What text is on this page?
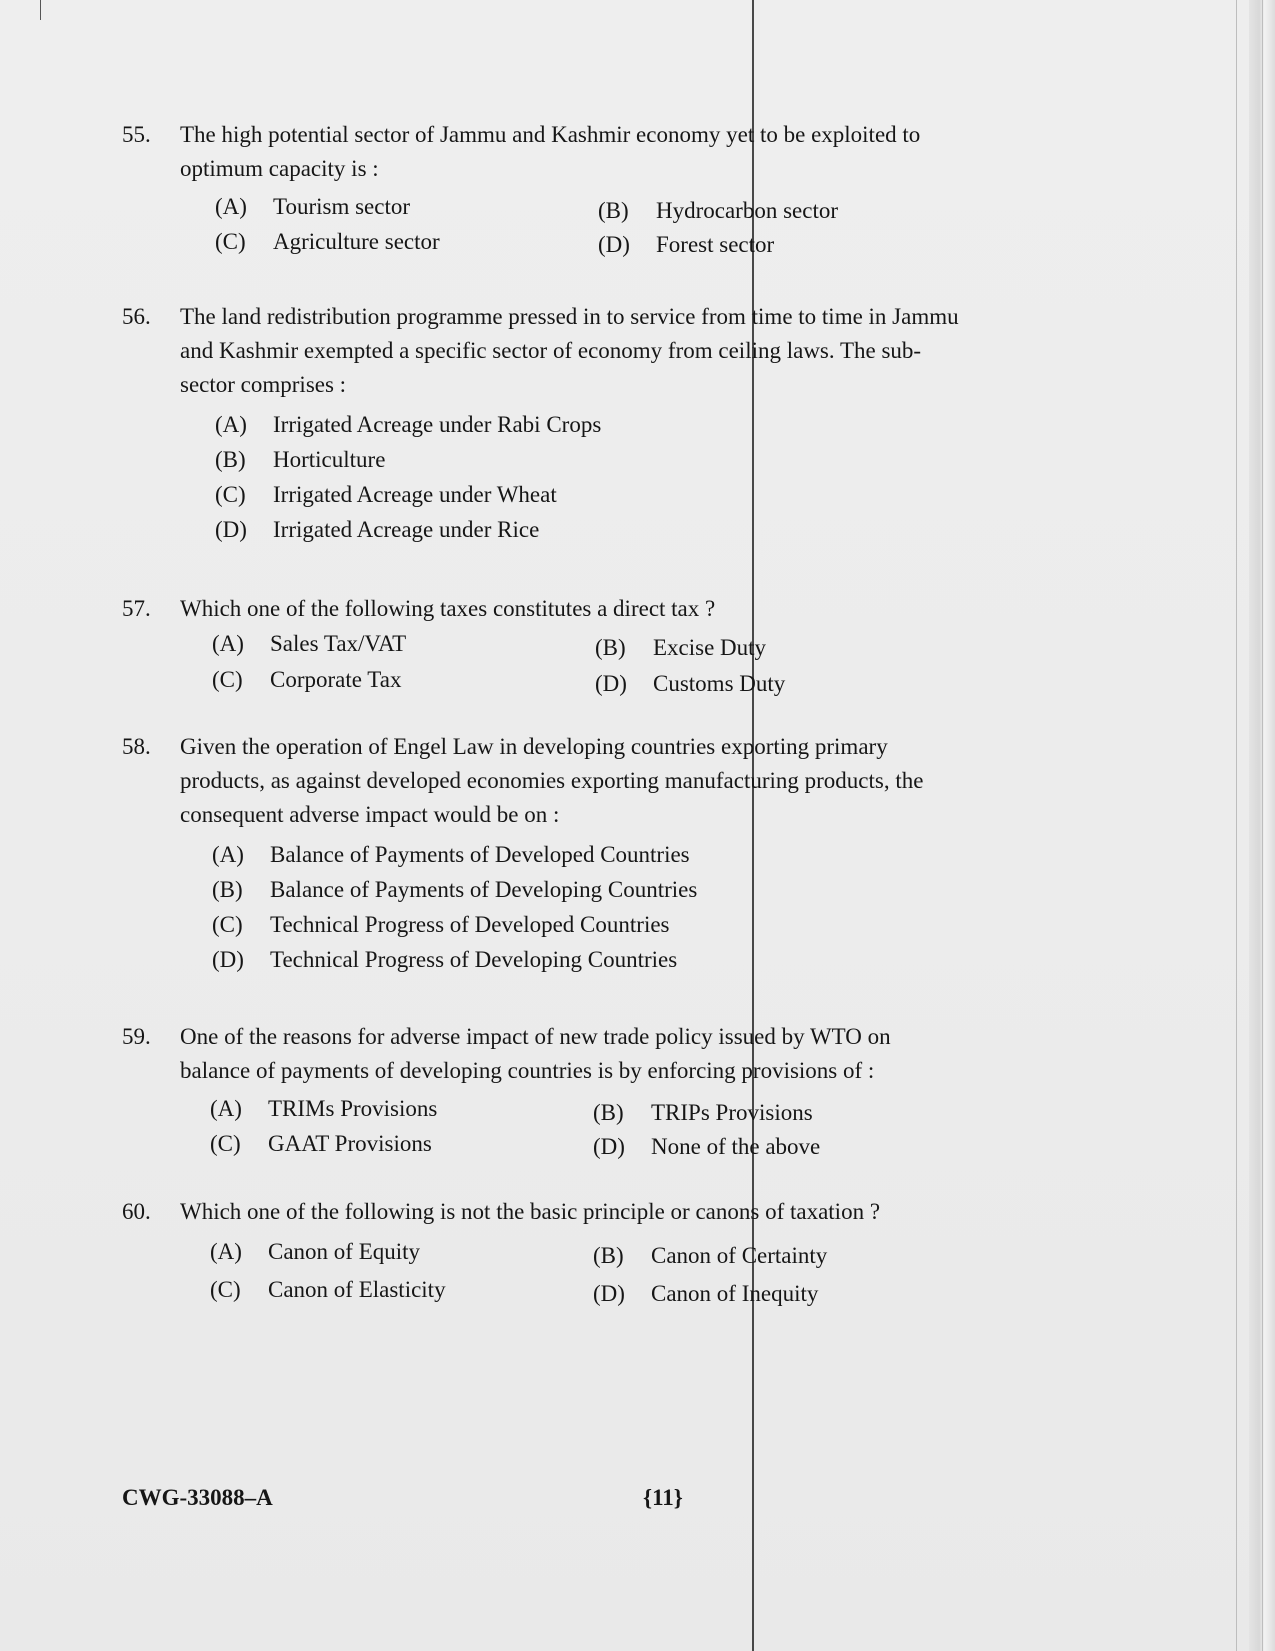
55. The high potential sector of Jammu and Kashmir economy yet to be exploited to optimum capacity is :
(A) Tourism sector	(B) Hydrocarbon sector
(C) Agriculture sector	(D) Forest sector
56. The land redistribution programme pressed in to service from time to time in Jammu and Kashmir exempted a specific sector of economy from ceiling laws. The sub-sector comprises :
(A) Irrigated Acreage under Rabi Crops
(B) Horticulture
(C) Irrigated Acreage under Wheat
(D) Irrigated Acreage under Rice
57. Which one of the following taxes constitutes a direct tax ?
(A) Sales Tax/VAT	(B) Excise Duty
(C) Corporate Tax	(D) Customs Duty
58. Given the operation of Engel Law in developing countries exporting primary products, as against developed economies exporting manufacturing products, the consequent adverse impact would be on :
(A) Balance of Payments of Developed Countries
(B) Balance of Payments of Developing Countries
(C) Technical Progress of Developed Countries
(D) Technical Progress of Developing Countries
59. One of the reasons for adverse impact of new trade policy issued by WTO on balance of payments of developing countries is by enforcing provisions of :
(A) TRIMs Provisions	(B) TRIPs Provisions
(C) GAAT Provisions	(D) None of the above
60. Which one of the following is not the basic principle or canons of taxation ?
(A) Canon of Equity	(B) Canon of Certainty
(C) Canon of Elasticity	(D) Canon of Inequity
CWG-33088–A	{11}
